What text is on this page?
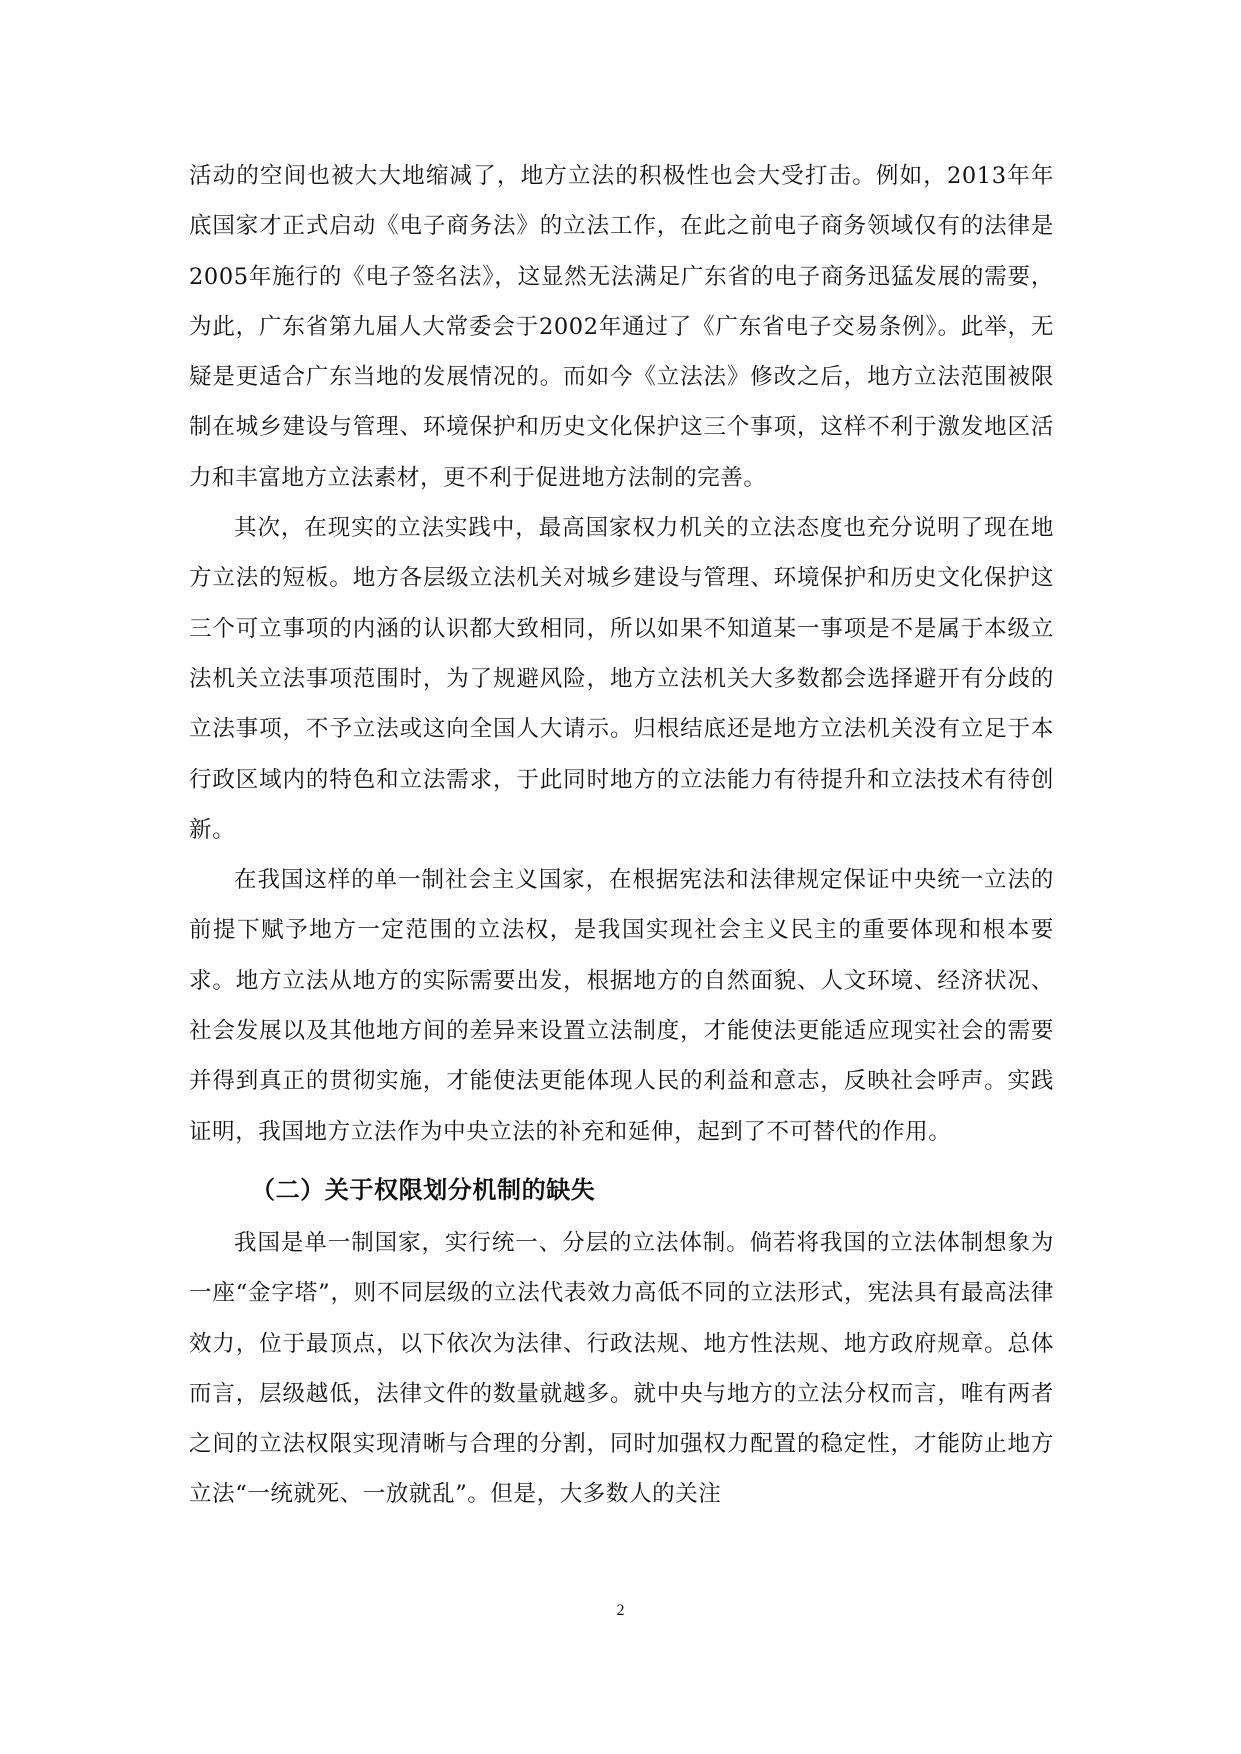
活动的空间也被大大地缩减了，地方立法的积极性也会大受打击。例如，2013年年底国家才正式启动《电子商务法》的立法工作，在此之前电子商务领域仅有的法律是2005年施行的《电子签名法》，这显然无法满足广东省的电子商务迅猛发展的需要，为此，广东省第九届人大常委会于2002年通过了《广东省电子交易条例》。此举，无疑是更适合广东当地的发展情况的。而如今《立法法》修改之后，地方立法范围被限制在城乡建设与管理、环境保护和历史文化保护这三个事项，这样不利于激发地区活力和丰富地方立法素材，更不利于促进地方法制的完善。

其次，在现实的立法实践中，最高国家权力机关的立法态度也充分说明了现在地方立法的短板。地方各层级立法机关对城乡建设与管理、环境保护和历史文化保护这三个可立事项的内涵的认识都大致相同，所以如果不知道某一事项是不是属于本级立法机关立法事项范围时，为了规避风险，地方立法机关大多数都会选择避开有分歧的立法事项，不予立法或这向全国人大请示。归根结底还是地方立法机关没有立足于本行政区域内的特色和立法需求，于此同时地方的立法能力有待提升和立法技术有待创新。

在我国这样的单一制社会主义国家，在根据宪法和法律规定保证中央统一立法的前提下赋予地方一定范围的立法权，是我国实现社会主义民主的重要体现和根本要求。地方立法从地方的实际需要出发，根据地方的自然面貌、人文环境、经济状况、社会发展以及其他地方间的差异来设置立法制度，才能使法更能适应现实社会的需要并得到真正的贯彻实施，才能使法更能体现人民的利益和意志，反映社会呼声。实践证明，我国地方立法作为中央立法的补充和延伸，起到了不可替代的作用。

（二）关于权限划分机制的缺失

我国是单一制国家，实行统一、分层的立法体制。倘若将我国的立法体制想象为一座“金字塔”，则不同层级的立法代表效力高低不同的立法形式，宪法具有最高法律效力，位于最顶点，以下依次为法律、行政法规、地方性法规、地方政府规章。总体而言，层级越低，法律文件的数量就越多。就中央与地方的立法分权而言，唯有两者之间的立法权限实现清晰与合理的分割，同时加强权力配置的稳定性，才能防止地方立法“一统就死、一放就乱”。但是，大多数人的关注

2
